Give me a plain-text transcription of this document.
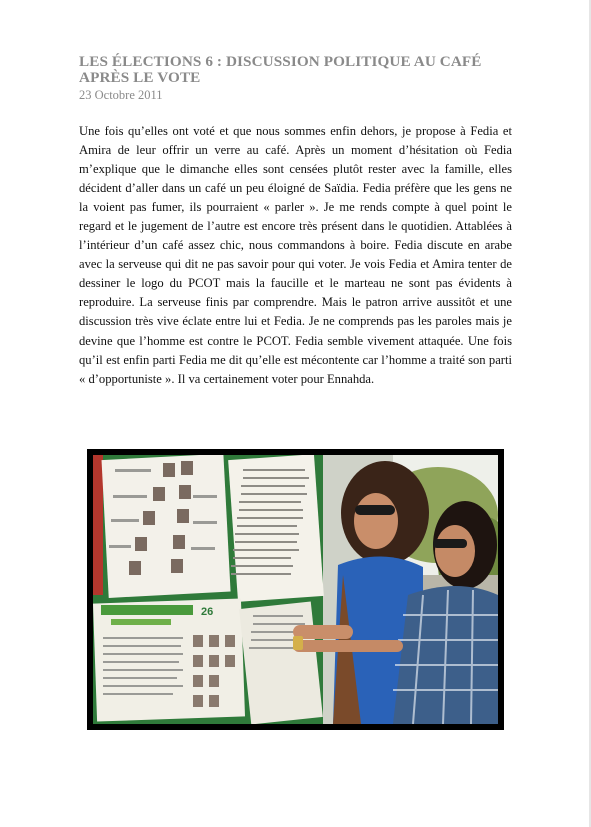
LES ÉLECTIONS 6 : DISCUSSION POLITIQUE AU CAFÉ APRÈS LE VOTE
23 Octobre 2011

Une fois qu’elles ont voté et que nous sommes enfin dehors, je propose à Fedia et Amira de leur offrir un verre au café. Après un moment d’hésitation où Fedia m’explique que le dimanche elles sont censées plutôt rester avec la famille, elles décident d’aller dans un café un peu éloigné de Saïdia. Fedia préfère que les gens ne la voient pas fumer, ils pourraient « parler ». Je me rends compte à quel point le regard et le jugement de l’autre est encore très présent dans le quotidien. Attablées à l’intérieur d’un café assez chic, nous commandons à boire. Fedia discute en arabe avec la serveuse qui dit ne pas savoir pour qui voter. Je vois Fedia et Amira tenter de dessiner le logo du PCOT mais la faucille et le marteau ne sont pas évidents à reproduire. La serveuse finis par comprendre. Mais le patron arrive aussitôt et une discussion très vive éclate entre lui et Fedia. Je ne comprends pas les paroles mais je devine que l’homme est contre le PCOT. Fedia semble vivement attaquée. Une fois qu’il est enfin parti Fedia me dit qu’elle est mécontente car l’homme a traité son parti « d’opportuniste ». Il va certainement voter pour Ennahda.

26
